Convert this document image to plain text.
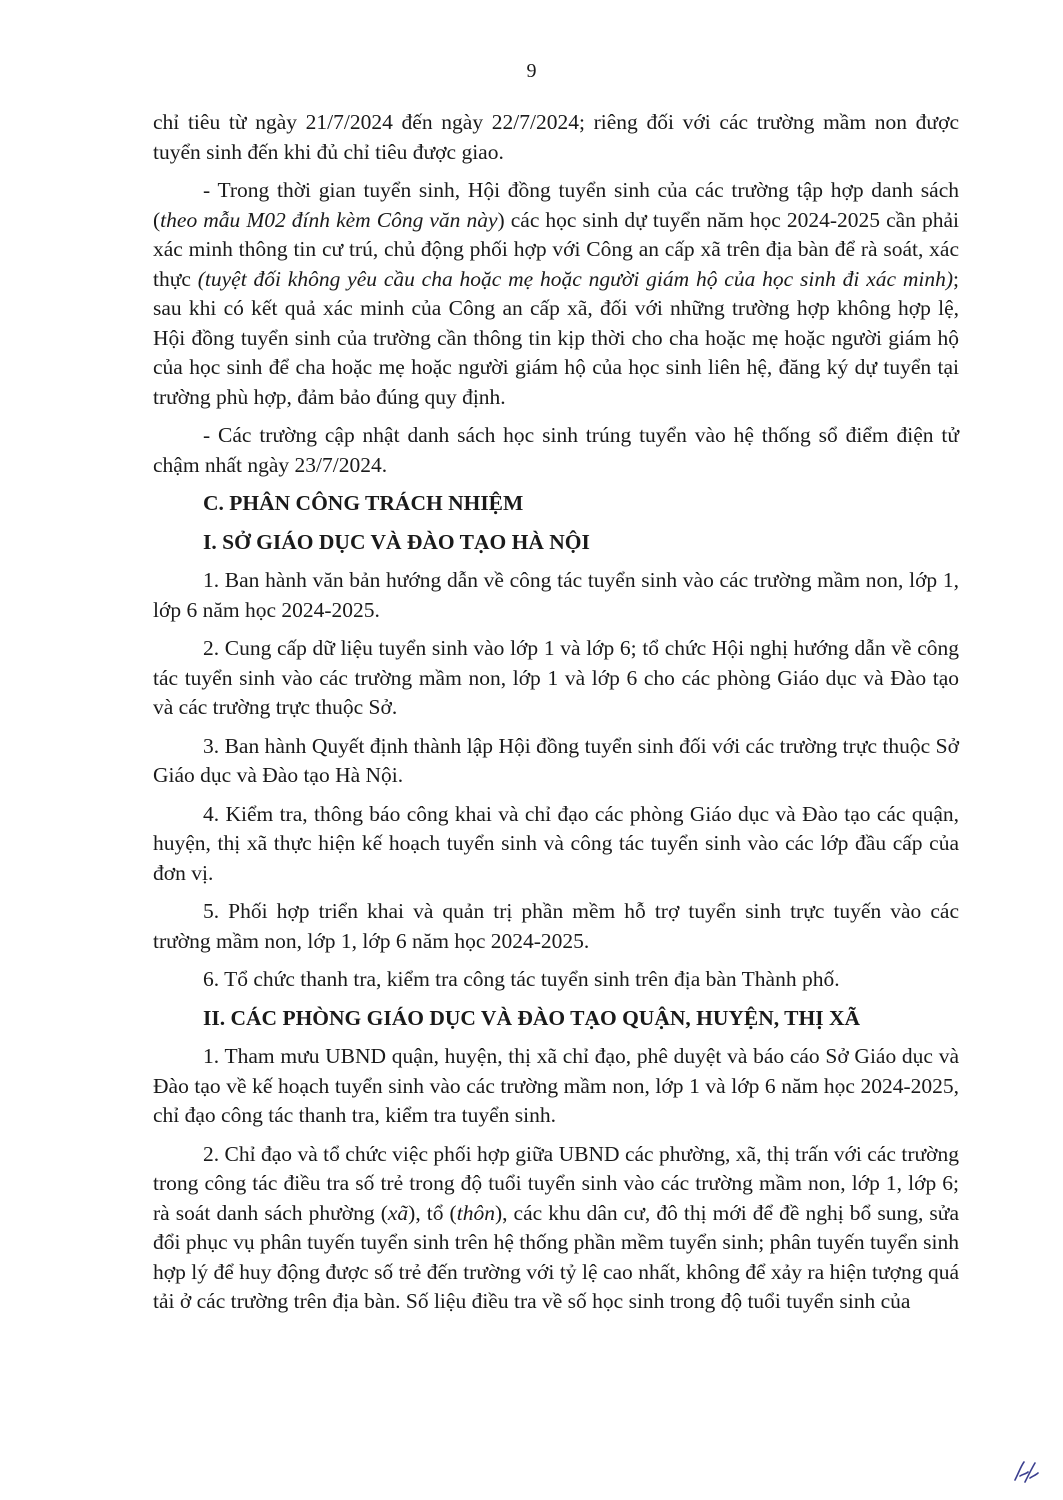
9

chỉ tiêu từ ngày 21/7/2024 đến ngày 22/7/2024; riêng đối với các trường mầm non được tuyển sinh đến khi đủ chỉ tiêu được giao.

- Trong thời gian tuyển sinh, Hội đồng tuyển sinh của các trường tập hợp danh sách (theo mẫu M02 đính kèm Công văn này) các học sinh dự tuyển năm học 2024-2025 cần phải xác minh thông tin cư trú, chủ động phối hợp với Công an cấp xã trên địa bàn để rà soát, xác thực (tuyệt đối không yêu cầu cha hoặc mẹ hoặc người giám hộ của học sinh đi xác minh); sau khi có kết quả xác minh của Công an cấp xã, đối với những trường hợp không hợp lệ, Hội đồng tuyển sinh của trường cần thông tin kịp thời cho cha hoặc mẹ hoặc người giám hộ của học sinh để cha hoặc mẹ hoặc người giám hộ của học sinh liên hệ, đăng ký dự tuyển tại trường phù hợp, đảm bảo đúng quy định.

- Các trường cập nhật danh sách học sinh trúng tuyển vào hệ thống sổ điểm điện tử chậm nhất ngày 23/7/2024.

C. PHÂN CÔNG TRÁCH NHIỆM

I. SỞ GIÁO DỤC VÀ ĐÀO TẠO HÀ NỘI

1. Ban hành văn bản hướng dẫn về công tác tuyển sinh vào các trường mầm non, lớp 1, lớp 6 năm học 2024-2025.

2. Cung cấp dữ liệu tuyển sinh vào lớp 1 và lớp 6; tổ chức Hội nghị hướng dẫn về công tác tuyển sinh vào các trường mầm non, lớp 1 và lớp 6 cho các phòng Giáo dục và Đào tạo và các trường trực thuộc Sở.

3. Ban hành Quyết định thành lập Hội đồng tuyển sinh đối với các trường trực thuộc Sở Giáo dục và Đào tạo Hà Nội.

4. Kiểm tra, thông báo công khai và chỉ đạo các phòng Giáo dục và Đào tạo các quận, huyện, thị xã thực hiện kế hoạch tuyển sinh và công tác tuyển sinh vào các lớp đầu cấp của đơn vị.

5. Phối hợp triển khai và quản trị phần mềm hỗ trợ tuyển sinh trực tuyến vào các trường mầm non, lớp 1, lớp 6 năm học 2024-2025.

6. Tổ chức thanh tra, kiểm tra công tác tuyển sinh trên địa bàn Thành phố.

II. CÁC PHÒNG GIÁO DỤC VÀ ĐÀO TẠO QUẬN, HUYỆN, THỊ XÃ

1. Tham mưu UBND quận, huyện, thị xã chỉ đạo, phê duyệt và báo cáo Sở Giáo dục và Đào tạo về kế hoạch tuyển sinh vào các trường mầm non, lớp 1 và lớp 6 năm học 2024-2025, chỉ đạo công tác thanh tra, kiểm tra tuyển sinh.

2. Chỉ đạo và tổ chức việc phối hợp giữa UBND các phường, xã, thị trấn với các trường trong công tác điều tra số trẻ trong độ tuổi tuyển sinh vào các trường mầm non, lớp 1, lớp 6; rà soát danh sách phường (xã), tổ (thôn), các khu dân cư, đô thị mới để đề nghị bổ sung, sửa đổi phục vụ phân tuyến tuyển sinh trên hệ thống phần mềm tuyển sinh; phân tuyến tuyển sinh hợp lý để huy động được số trẻ đến trường với tỷ lệ cao nhất, không để xảy ra hiện tượng quá tải ở các trường trên địa bàn. Số liệu điều tra về số học sinh trong độ tuổi tuyển sinh của
